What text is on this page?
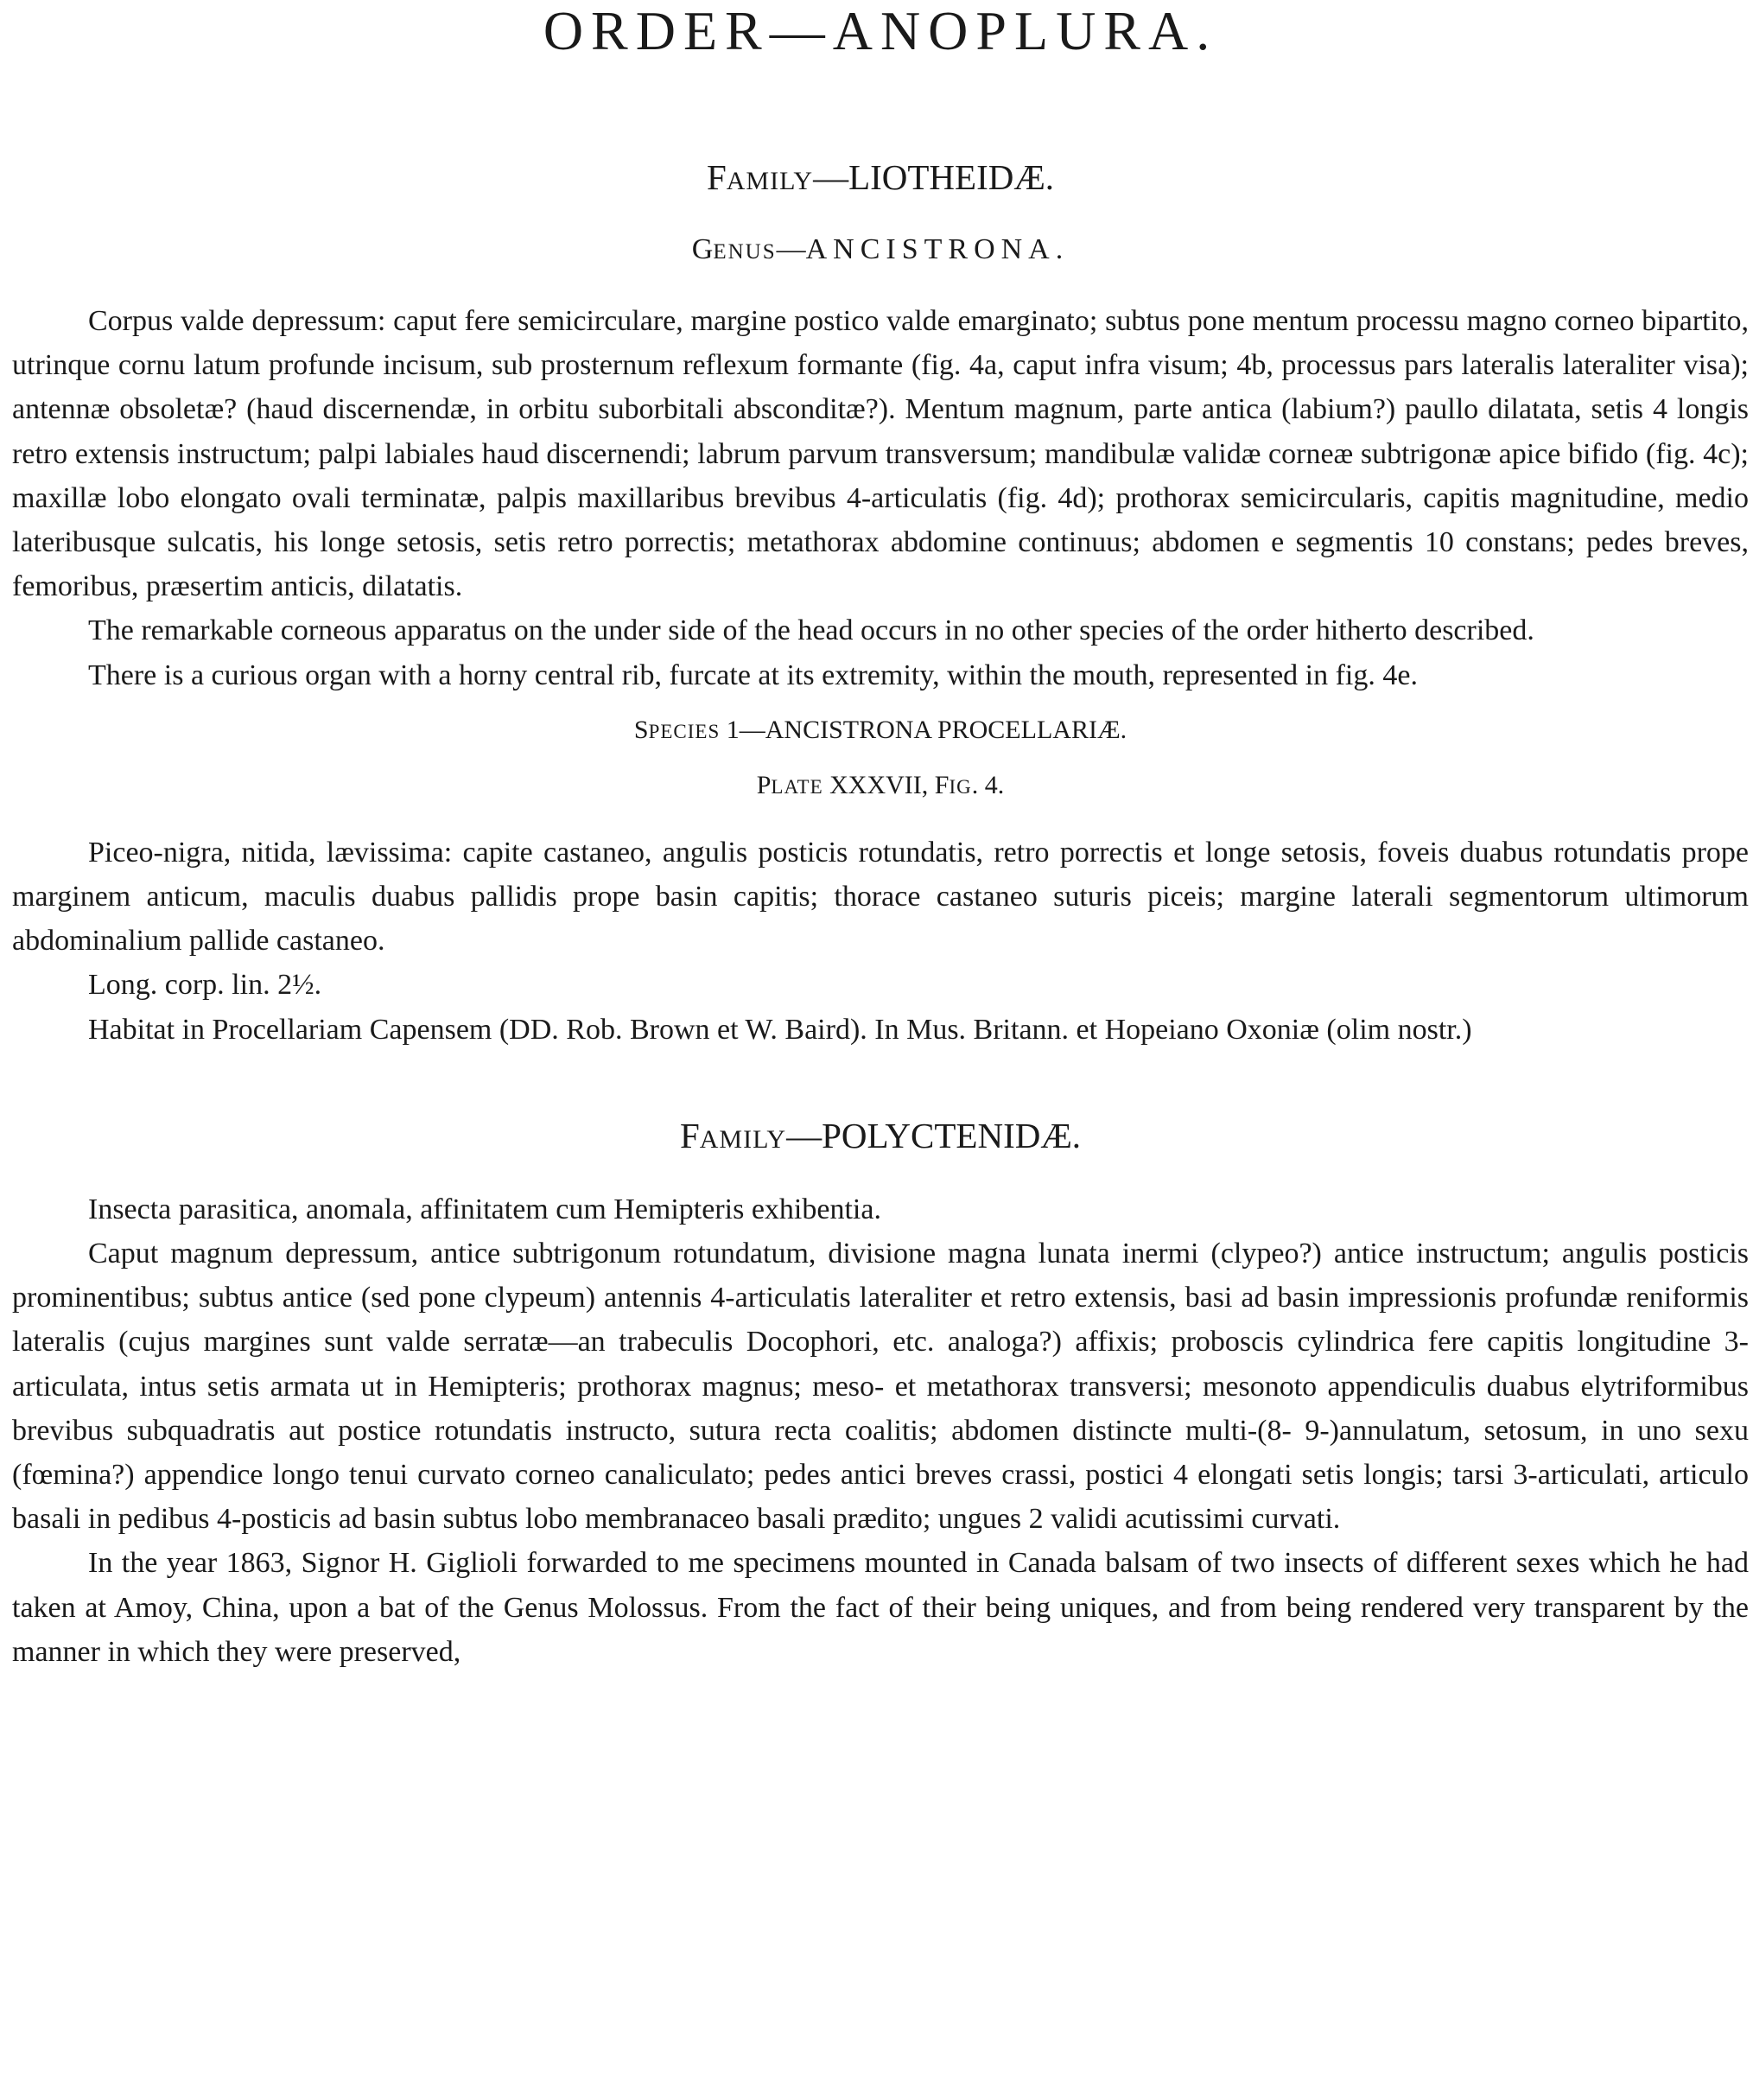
ORDER—ANOPLURA.
FAMILY—LIOTHEIDÆ.
GENUS—ANCISTRONA.

Corpus valde depressum: caput fere semicirculare, margine postico valde emarginato; subtus pone mentum processu magno corneo bipartito, utrinque cornu latum profunde incisum, sub prosternum reflexum formante (fig. 4a, caput infra visum; 4b, processus pars lateralis lateraliter visa); antennæ obsoletæ? (haud discernendæ, in orbitu suborbitali absconditæ?). Mentum magnum, parte antica (labium?) paullo dilatata, setis 4 longis retro extensis instructum; palpi labiales haud discernendi; labrum parvum transversum; mandibulæ validæ corneæ subtrigonæ apice bifido (fig. 4c); maxillæ lobo elongato ovali terminatæ, palpis maxillaribus brevibus 4-articulatis (fig. 4d); prothorax semicircularis, capitis magnitudine, medio lateribusque sulcatis, his longe setosis, setis retro porrectis; metathorax abdomine continuus; abdomen e segmentis 10 constans; pedes breves, femoribus, præsertim anticis, dilatatis.

The remarkable corneous apparatus on the under side of the head occurs in no other species of the order hitherto described.

There is a curious organ with a horny central rib, furcate at its extremity, within the mouth, represented in fig. 4e.

SPECIES 1—ANCISTRONA PROCELLARIÆ.
PLATE XXXVII, FIG. 4.

Piceo-nigra, nitida, lævissima: capite castaneo, angulis posticis rotundatis, retro porrectis et longe setosis, foveis duabus rotundatis prope marginem anticum, maculis duabus pallidis prope basin capitis; thorace castaneo suturis piceis; margine laterali segmentorum ultimorum abdominalium pallide castaneo.

Long. corp. lin. 2½.

Habitat in Procellariam Capensem (DD. Rob. Brown et W. Baird). In Mus. Britann. et Hopeiano Oxoniæ (olim nostr.)

FAMILY—POLYCTENIDÆ.

Insecta parasitica, anomala, affinitatem cum Hemipteris exhibentia.

Caput magnum depressum, antice subtrigonum rotundatum, divisione magna lunata inermi (clypeo?) antice instructum; angulis posticis prominentibus; subtus antice (sed pone clypeum) antennis 4-articulatis lateraliter et retro extensis, basi ad basin impressionis profundæ reniformis lateralis (cujus margines sunt valde serratæ—an trabeculis Docophori, etc. analoga?) affixis; proboscis cylindrica fere capitis longitudine 3-articulata, intus setis armata ut in Hemipteris; prothorax magnus; meso- et metathorax transversi; mesonoto appendiculis duabus elytriformibus brevibus subquadratis aut postice rotundatis instructo, sutura recta coalitis; abdomen distincte multi-(8- 9-)annulatum, setosum, in uno sexu (fœmina?) appendice longo tenui curvato corneo canaliculato; pedes antici breves crassi, postici 4 elongati setis longis; tarsi 3-articulati, articulo basali in pedibus 4-posticis ad basin subtus lobo membranaceo basali prædito; ungues 2 validi acutissimi curvati.

In the year 1863, Signor H. Giglioli forwarded to me specimens mounted in Canada balsam of two insects of different sexes which he had taken at Amoy, China, upon a bat of the Genus Molossus. From the fact of their being uniques, and from being rendered very transparent by the manner in which they were preserved,
